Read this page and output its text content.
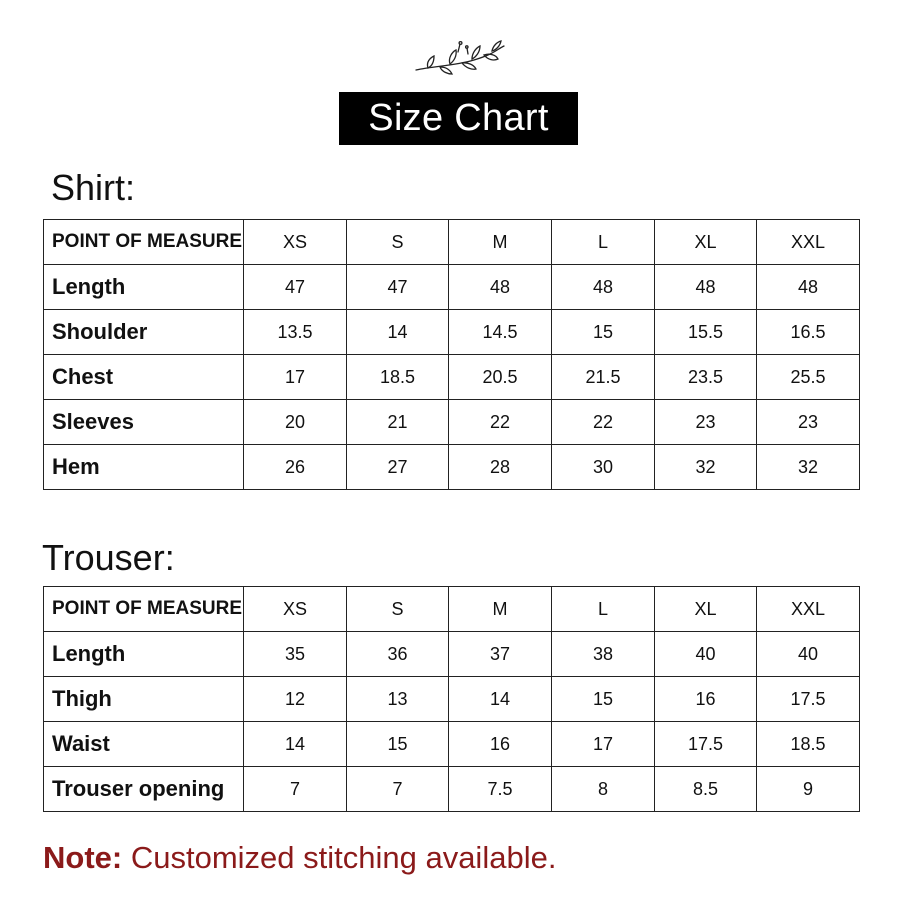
Size Chart
Shirt:
POINT OF MEASURE	XS	S	M	L	XL	XXL
Length	47	47	48	48	48	48
Shoulder	13.5	14	14.5	15	15.5	16.5
Chest	17	18.5	20.5	21.5	23.5	25.5
Sleeves	20	21	22	22	23	23
Hem	26	27	28	30	32	32
Trouser:
POINT OF MEASURE	XS	S	M	L	XL	XXL
Length	35	36	37	38	40	40
Thigh	12	13	14	15	16	17.5
Waist	14	15	16	17	17.5	18.5
Trouser opening	7	7	7.5	8	8.5	9
Note: Customized stitching available.
